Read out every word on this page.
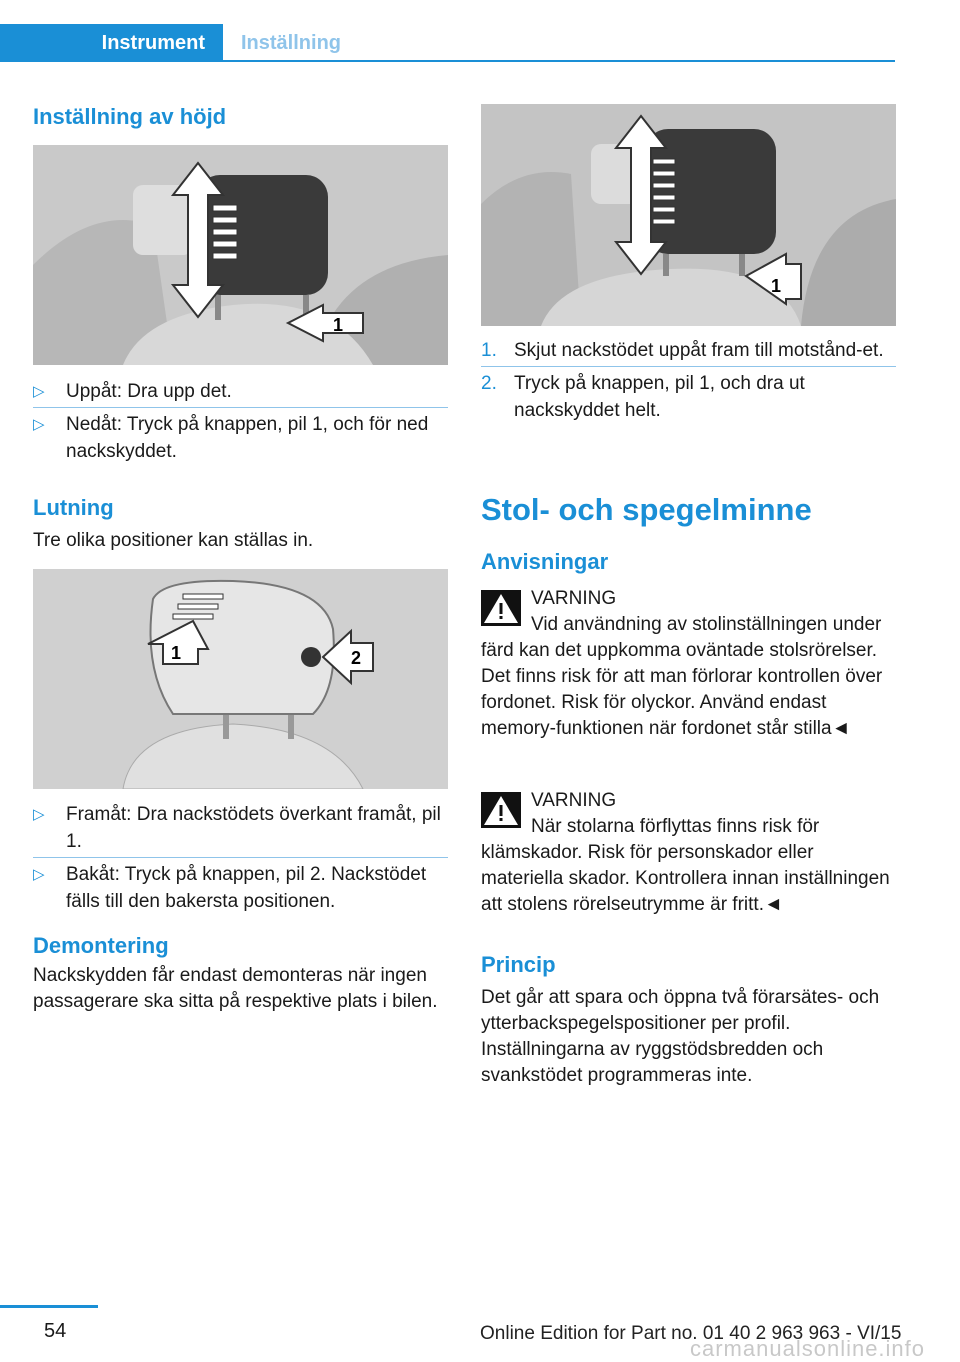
Instrument Inställning
Inställning av höjd
1
▷ Uppåt: Dra upp det.
▷ Nedåt: Tryck på knappen, pil 1, och för ned nackskyddet.
Lutning

Tre olika positioner kan ställas in.

1	2
▷ Framåt: Dra nackstödets överkant framåt, pil 1.
▷ Bakåt: Tryck på knappen, pil 2. Nackstödet fälls till den bakersta positionen.
Demontering

Nackskydden får endast demonteras när ingen passagerare ska sitta på respektive plats i bilen.

1
1. Skjut nackstödet uppåt fram till motstånd-et.
2. Tryck på knappen, pil 1, och dra ut nackskyddet helt.
Stol- och spegelminne
Anvisningar
VARNING
Vid användning av stolinställningen under färd kan det uppkomma oväntade stolsrörelser. Det finns risk för att man förlorar kontrollen över fordonet. Risk för olyckor. Använd endast memory-funktionen när fordonet står stilla◄
VARNING
När stolarna förflyttas finns risk för klämskador. Risk för personskador eller materiella skador. Kontrollera innan inställningen att stolens rörelseutrymme är fritt.◄
Princip

Det går att spara och öppna två förarsätes- och ytterbackspegelspositioner per profil. Inställningarna av ryggstödsbredden och svankstödet programmeras inte.

54	Online Edition for Part no. 01 40 2 963 963 - VI/15
carmanualsonline.info
